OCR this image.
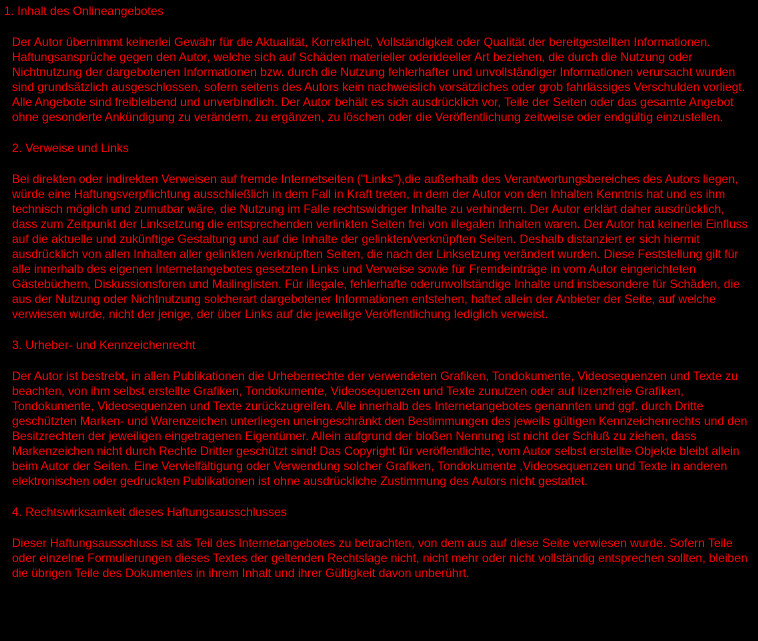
1. Inhalt des Onlineangebotes
Der Autor übernimmt keinerlei Gewähr für die Aktualität, Korrektheit, Vollständigkeit oder Qualität der bereitgestellten Informationen. Haftungsansprüche gegen den Autor, welche sich auf Schäden materieller oderideeller Art beziehen, die durch die Nutzung oder Nichtnutzung der dargebotenen Informationen bzw. durch die Nutzung fehlerhafter und unvollständiger Informationen verursacht wurden sind grundsätzlich ausgeschlossen, sofern seitens des Autors kein nachweislich vorsätzliches oder grob fahrlässiges Verschulden vorliegt. Alle Angebote sind freibleibend und unverbindlich. Der Autor behält es sich ausdrücklich vor, Teile der Seiten oder das gesamte Angebot ohne gesonderte Ankündigung zu verändern, zu ergänzen, zu löschen oder die Veröffentlichung zeitweise oder endgültig einzustellen.
2. Verweise und Links
Bei direkten oder indirekten Verweisen auf fremde Internetseiten ("Links"),die außerhalb des Verantwortungsbereiches des Autors liegen, würde eine Haftungsverpflichtung ausschließlich in dem Fall in Kraft treten, in dem der Autor von den Inhalten Kenntnis hat und es ihm technisch möglich und zumutbar wäre, die Nutzung im Falle rechtswidriger Inhalte zu verhindern. Der Autor erklärt daher ausdrücklich, dass zum Zeitpunkt der Linksetzung die entsprechenden verlinkten Seiten frei von illegalen Inhalten waren. Der Autor hat keinerlei Einfluss auf die aktuelle und zukünftige Gestaltung und auf die Inhalte der gelinkten/verknüpften Seiten. Deshalb distanziert er sich hiermit ausdrücklich von allen Inhalten aller gelinkten /verknüpften Seiten, die nach der Linksetzung verändert wurden. Diese Feststellung gilt für alle innerhalb des eigenen Internetangebotes gesetzten Links und Verweise sowie für Fremdeinträge in vom Autor eingerichteten Gästebüchern, Diskussionsforen und Mailinglisten. Für illegale, fehlerhafte oderunvollständige Inhalte und insbesondere für Schäden, die aus der Nutzung oder Nichtnutzung solcherart dargebotener Informationen entstehen, haftet allein der Anbieter der Seite, auf welche verwiesen wurde, nicht der jenige, der über Links auf die jeweilige Veröffentlichung lediglich verweist.
3. Urheber- und Kennzeichenrecht
Der Autor ist bestrebt, in allen Publikationen die Urheberrechte der verwendeten Grafiken, Tondokumente, Videosequenzen und Texte zu beachten, von ihm selbst erstellte Grafiken, Tondokumente, Videosequenzen und Texte zunutzen oder auf lizenzfreie Grafiken, Tondokumente, Videosequenzen und Texte zurückzugreifen. Alle innerhalb des Internetangebotes genannten und ggf. durch Dritte geschützten Marken- und Warenzeichen unterliegen uneingeschränkt den Bestimmungen des jeweils gültigen Kennzeichenrechts und den Besitzrechten der jeweiligen eingetragenen Eigentümer. Allein aufgrund der bloßen Nennung ist nicht der Schluß zu ziehen, dass Markenzeichen nicht durch Rechte Dritter geschützt sind! Das Copyright für veröffentlichte, vom Autor selbst erstellte Objekte bleibt allein beim Autor der Seiten. Eine Vervielfältigung oder Verwendung solcher Grafiken, Tondokumente ,Videosequenzen und Texte in anderen elektronischen oder gedruckten Publikationen ist ohne ausdrückliche Zustimmung des Autors nicht gestattet.
4. Rechtswirksamkeit dieses Haftungsausschlusses
Dieser Haftungsausschluss ist als Teil des Internetangebotes zu betrachten, von dem aus auf diese Seite verwiesen wurde. Sofern Teile oder einzelne Formulierungen dieses Textes der geltenden Rechtslage nicht, nicht mehr oder nicht vollständig entsprechen sollten, bleiben die übrigen Teile des Dokumentes in ihrem Inhalt und ihrer Gültigkeit davon unberührt.
